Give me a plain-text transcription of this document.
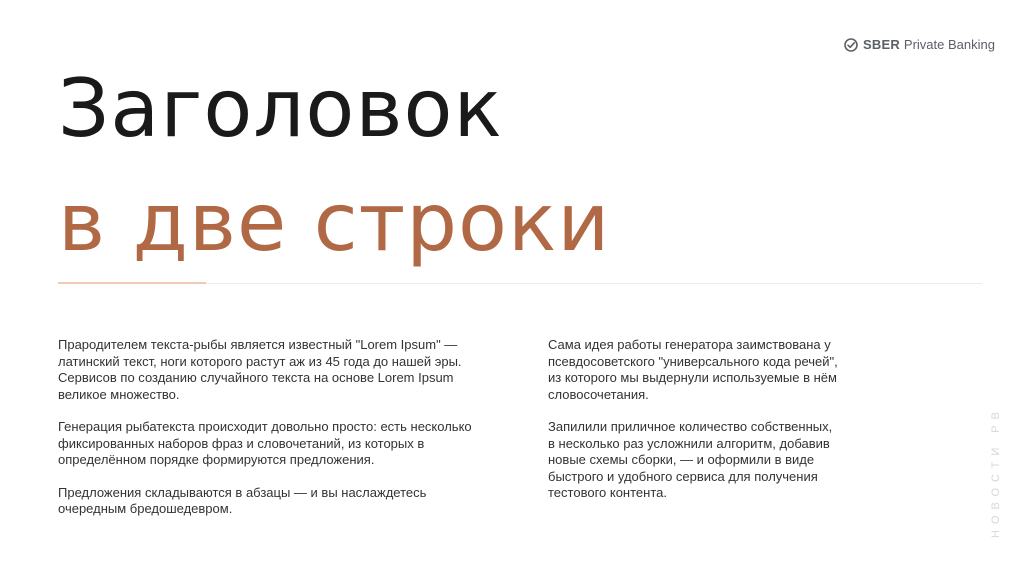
SBER Private Banking
Заголовок
в две строки

Прародителем текста-рыбы является известный "Lorem Ipsum" — латинский текст, ноги которого растут аж из 45 года до нашей эры. Сервисов по созданию случайного текста на основе Lorem Ipsum великое множество.

Генерация рыбатекста происходит довольно просто: есть несколько фиксированных наборов фраз и словочетаний, из которых в определённом порядке формируются предложения.

Предложения складываются в абзацы — и вы наслаждетесь очередным бредошедевром.

Сама идея работы генератора заимствована у псевдосоветского "универсального кода речей", из которого мы выдернули используемые в нём словосочетания.

Запилили приличное количество собственных, в несколько раз усложнили алгоритм, добавив новые схемы сборки, — и оформили в виде быстрого и удобного сервиса для получения тестового контента.	НОВОСТИ PB
